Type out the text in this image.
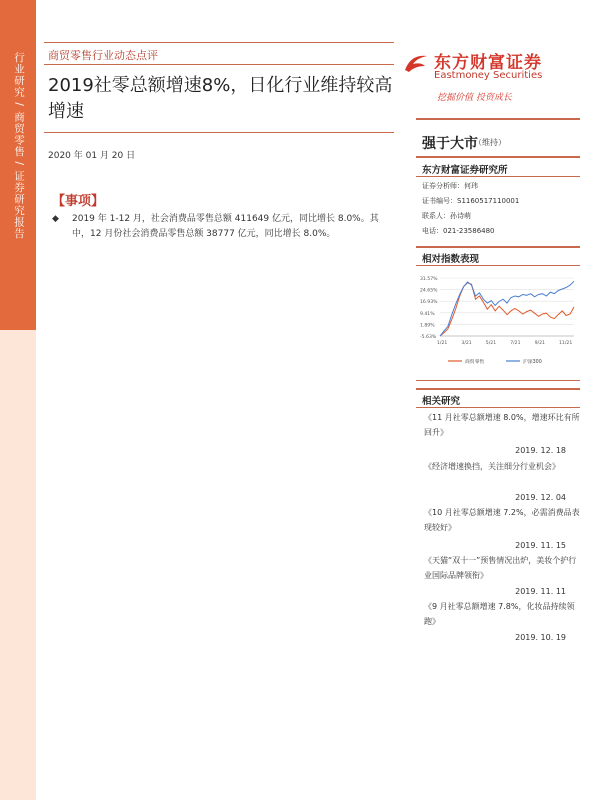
行业研究 / 商贸零售 / 证券研究报告 商贸零售行业动态点评
2019社零总额增速8%，日化行业维持较高增速
2020 年 01 月 20 日
【事项】
◆ 2019 年 1-12 月，社会消费品零售总额 411649 亿元，同比增长 8.0%。其中，12 月份社会消费品零售总额 38777 亿元，同比增长 8.0%。
东方财富证券
Eastmoney Securities
挖掘价值 投资成长
强于大市
（维持）
东方财富证券研究所
证券分析师：何玮
证书编号：S1160517110001
联系人：孙诗萌
电话：021-23586480
相对指数表现
31.57%
24.65%
16.93%
9.41%
1.89%
-5.63%
1/21	3/21	5/21	7/21	9/21	11/21
商贸零售	沪深300
相关研究
《11 月社零总额增速 8.0%，增速环比有所回升》
2019. 12. 18
《经济增速换挡，关注细分行业机会》
2019. 12. 04
《10 月社零总额增速 7.2%，必需消费品表现较好》
2019. 11. 15
《天猫“双十一”预售情况出炉，美妆个护行业国际品牌领衔》
2019. 11. 11
《9 月社零总额增速 7.8%，化妆品持续领跑》
2019. 10. 19
